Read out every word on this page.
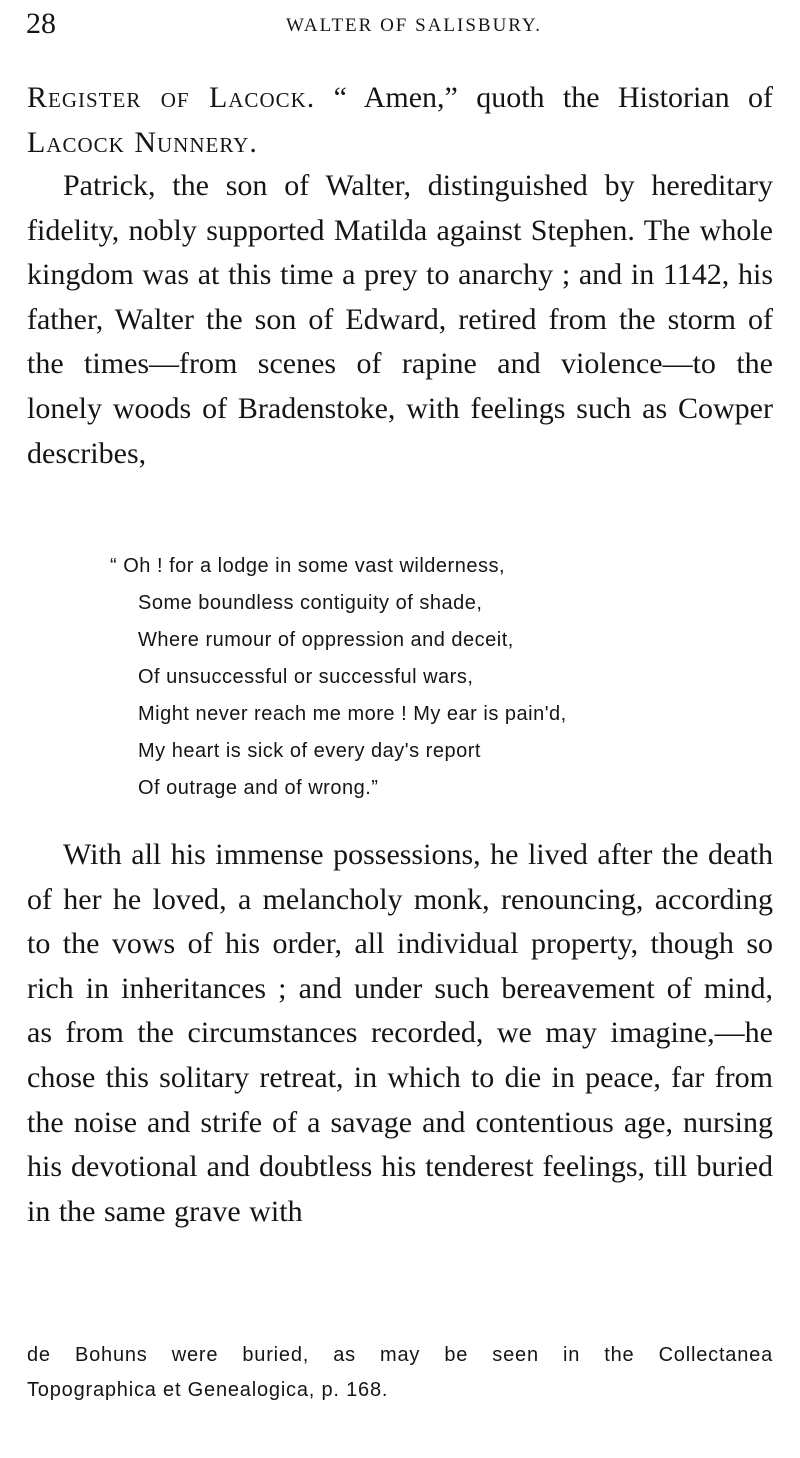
28	WALTER OF SALISBURY.

Register of Lacock. “ Amen,” quoth the Historian of Lacock Nunnery.

Patrick, the son of Walter, distinguished by hereditary fidelity, nobly supported Matilda against Stephen. The whole kingdom was at this time a prey to anarchy ; and in 1142, his father, Walter the son of Edward, retired from the storm of the times—from scenes of rapine and violence—to the lonely woods of Bradenstoke, with feelings such as Cowper describes,

“ Oh ! for a lodge in some vast wilderness,
Some boundless contiguity of shade,
Where rumour of oppression and deceit,
Of unsuccessful or successful wars,
Might never reach me more ! My ear is pain'd,
My heart is sick of every day's report
Of outrage and of wrong.”

With all his immense possessions, he lived after the death of her he loved, a melancholy monk, renouncing, according to the vows of his order, all individual property, though so rich in inheritances ; and under such bereavement of mind, as from the circumstances recorded, we may imagine,—he chose this solitary retreat, in which to die in peace, far from the noise and strife of a savage and contentious age, nursing his devotional and doubtless his tenderest feelings, till buried in the same grave with

de Bohuns were buried, as may be seen in the Collectanea
Topographica et Genealogica, p. 168.
